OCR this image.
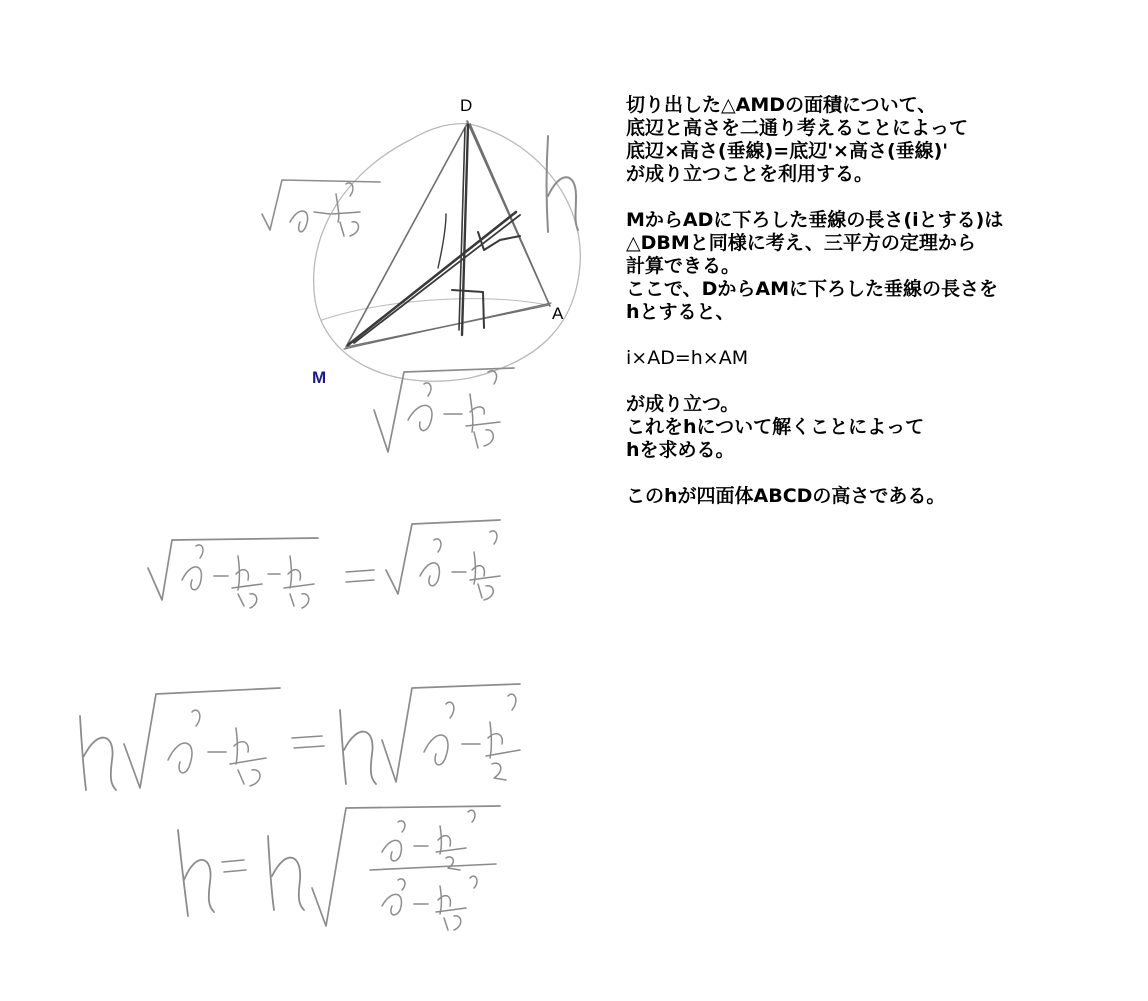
D
A
M

切り出した△AMDの面積について、

底辺と高さを二通り考えることによって

底辺×高さ(垂線)=底辺'×高さ(垂線)'

が成り立つことを利用する。

MからADに下ろした垂線の長さ(iとする)は

△DBMと同様に考え、三平方の定理から

計算できる。

ここで、DからAMに下ろした垂線の長さを

hとすると、

i×AD=h×AM

が成り立つ。

これをhについて解くことによって

hを求める。

このhが四面体ABCDの高さである。
